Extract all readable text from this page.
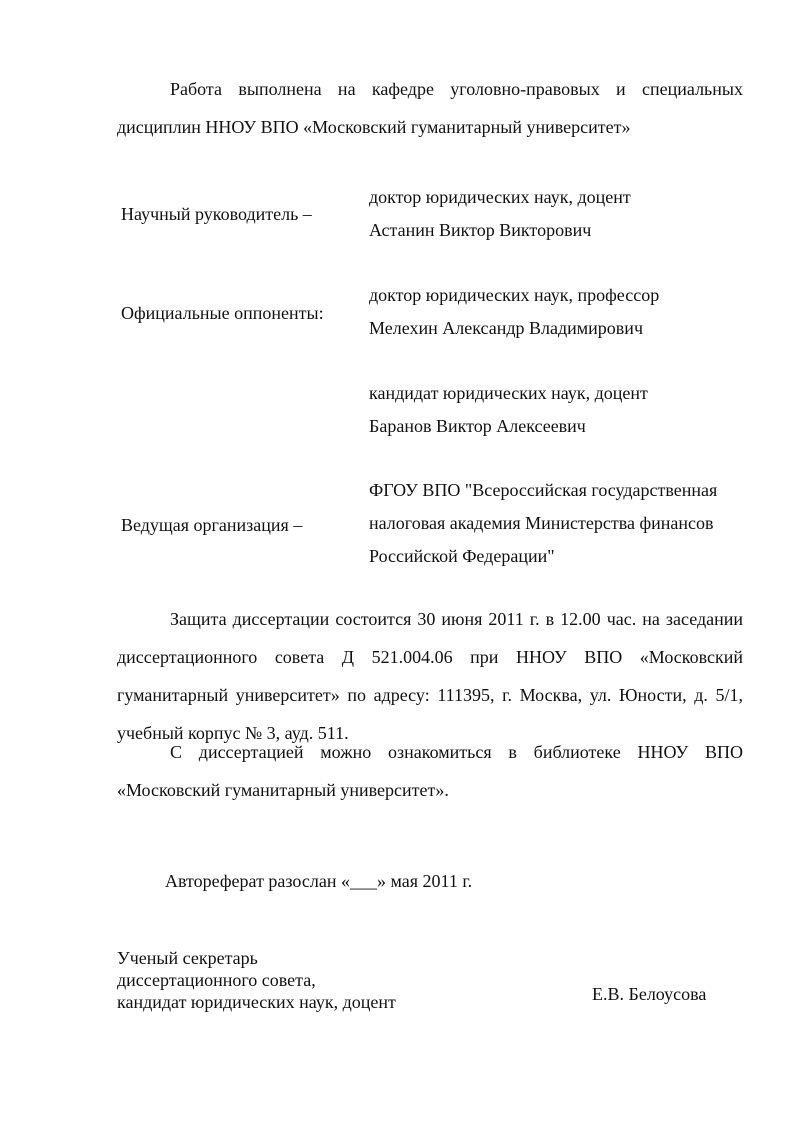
Работа выполнена на кафедре уголовно-правовых и специальных дисциплин ННОУ ВПО «Московский гуманитарный университет»
Научный руководитель –
доктор юридических наук, доцент
Астанин Виктор Викторович
Официальные оппоненты:
доктор юридических наук, профессор
Мелехин Александр Владимирович
кандидат юридических наук, доцент
Баранов Виктор Алексеевич
Ведущая организация –
ФГОУ ВПО "Всероссийская государственная
налоговая академия Министерства финансов
Российской Федерации"
Защита диссертации состоится 30 июня 2011 г. в 12.00 час. на заседании диссертационного совета Д 521.004.06 при ННОУ ВПО «Московский гуманитарный университет» по адресу: 111395, г. Москва, ул. Юности, д. 5/1, учебный корпус № 3, ауд. 511.
С диссертацией можно ознакомиться в библиотеке ННОУ ВПО «Московский гуманитарный университет».
Автореферат разослан «___» мая 2011 г.
Ученый секретарь
диссертационного совета,
кандидат юридических наук, доцент	Е.В. Белоусова
